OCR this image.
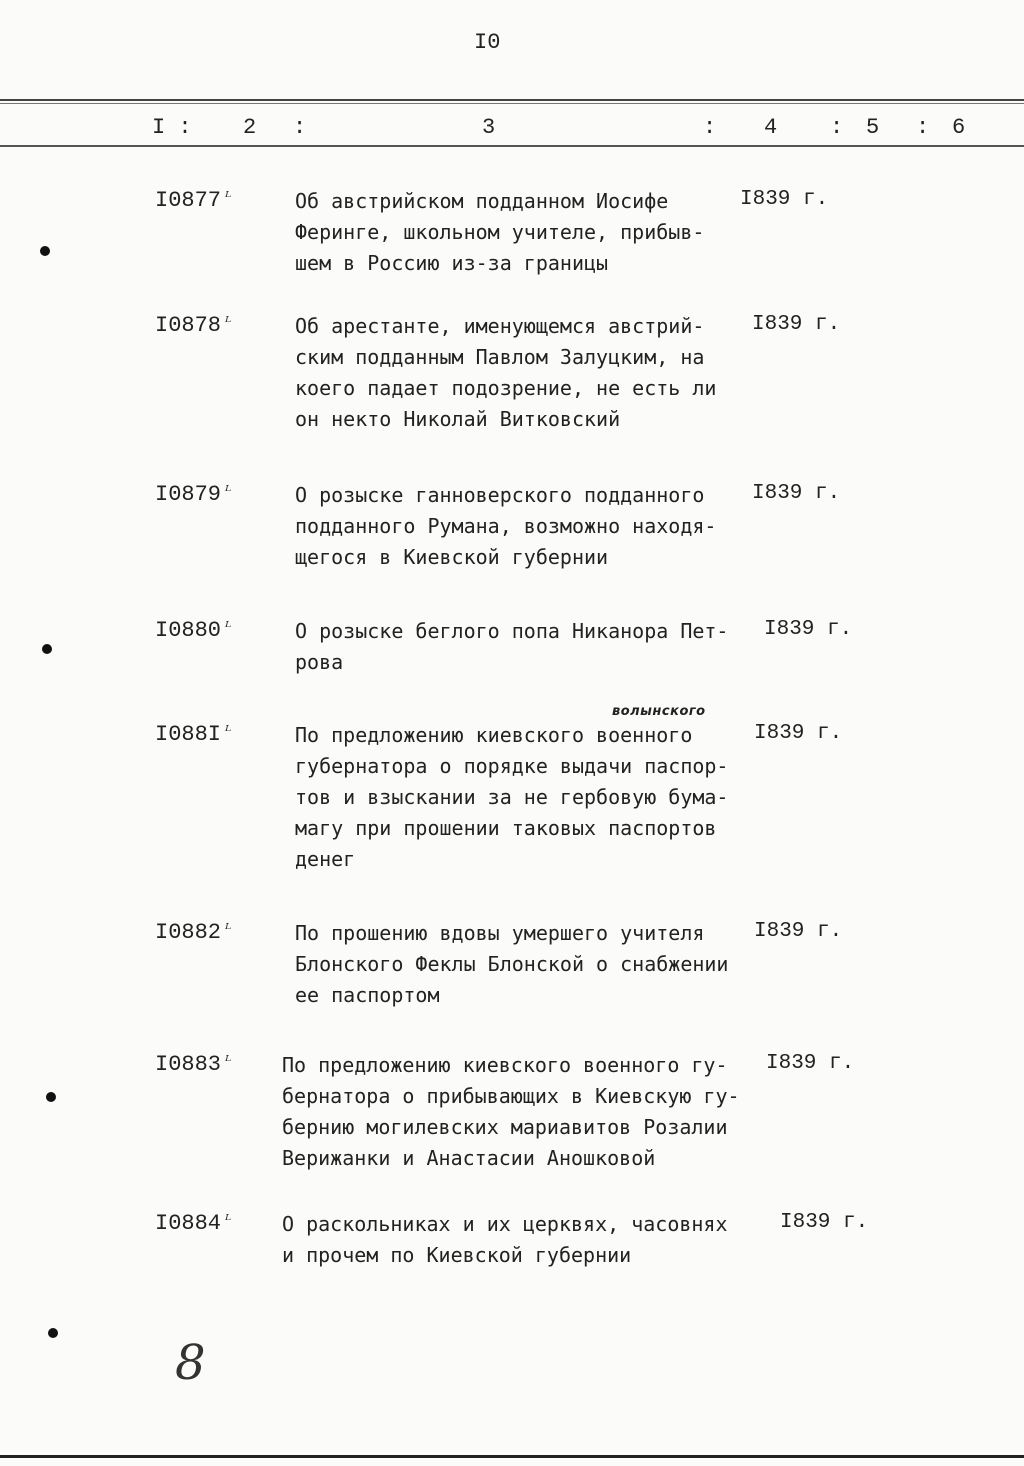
I0
I : 2 :	3	: 4 : 5 : 6
I0877 ᴸ	Об австрийском подданном Иосифе
Ферингe, школьном учителе, прибыв-
шем в Россию из-за границы
I839 г.
I0878 ᴸ	Об арестанте, именующемся австрий-
ским подданным Павлом Залуцким, на
коего падает подозрение, не есть ли
он некто Николай Витковский
I839 г.
I0879 ᴸ	О розыске ганноверского подданного
подданного Румана, возможно находя-
щегося в Киевской губернии
I839 г.
I0880 ᴸ	О розыске беглого попа Никанора Пет-
рова
I839 г.
волынского
I088I ᴸ	По предложению киевского военного
губернатора о порядке выдачи паспор-
тов и взыскании за не гербовую бума-
магу при прошении таковых паспортов
денег
I839 г.
I0882 ᴸ	По прошению вдовы умершего учителя
Блонского Феклы Блонской о снабжении
ее паспортом
I839 г.
I0883 ᴸ	По предложению киевского военного гу-
бернатора о прибывающих в Киевскую гу-
бернию могилевских мариавитов Розалии
Верижанки и Анастасии Аношковой
I839 г.
I0884 ᴸ	О раскольниках и их церквях, часовнях
и прочем по Киевской губернии
I839 г.
8
